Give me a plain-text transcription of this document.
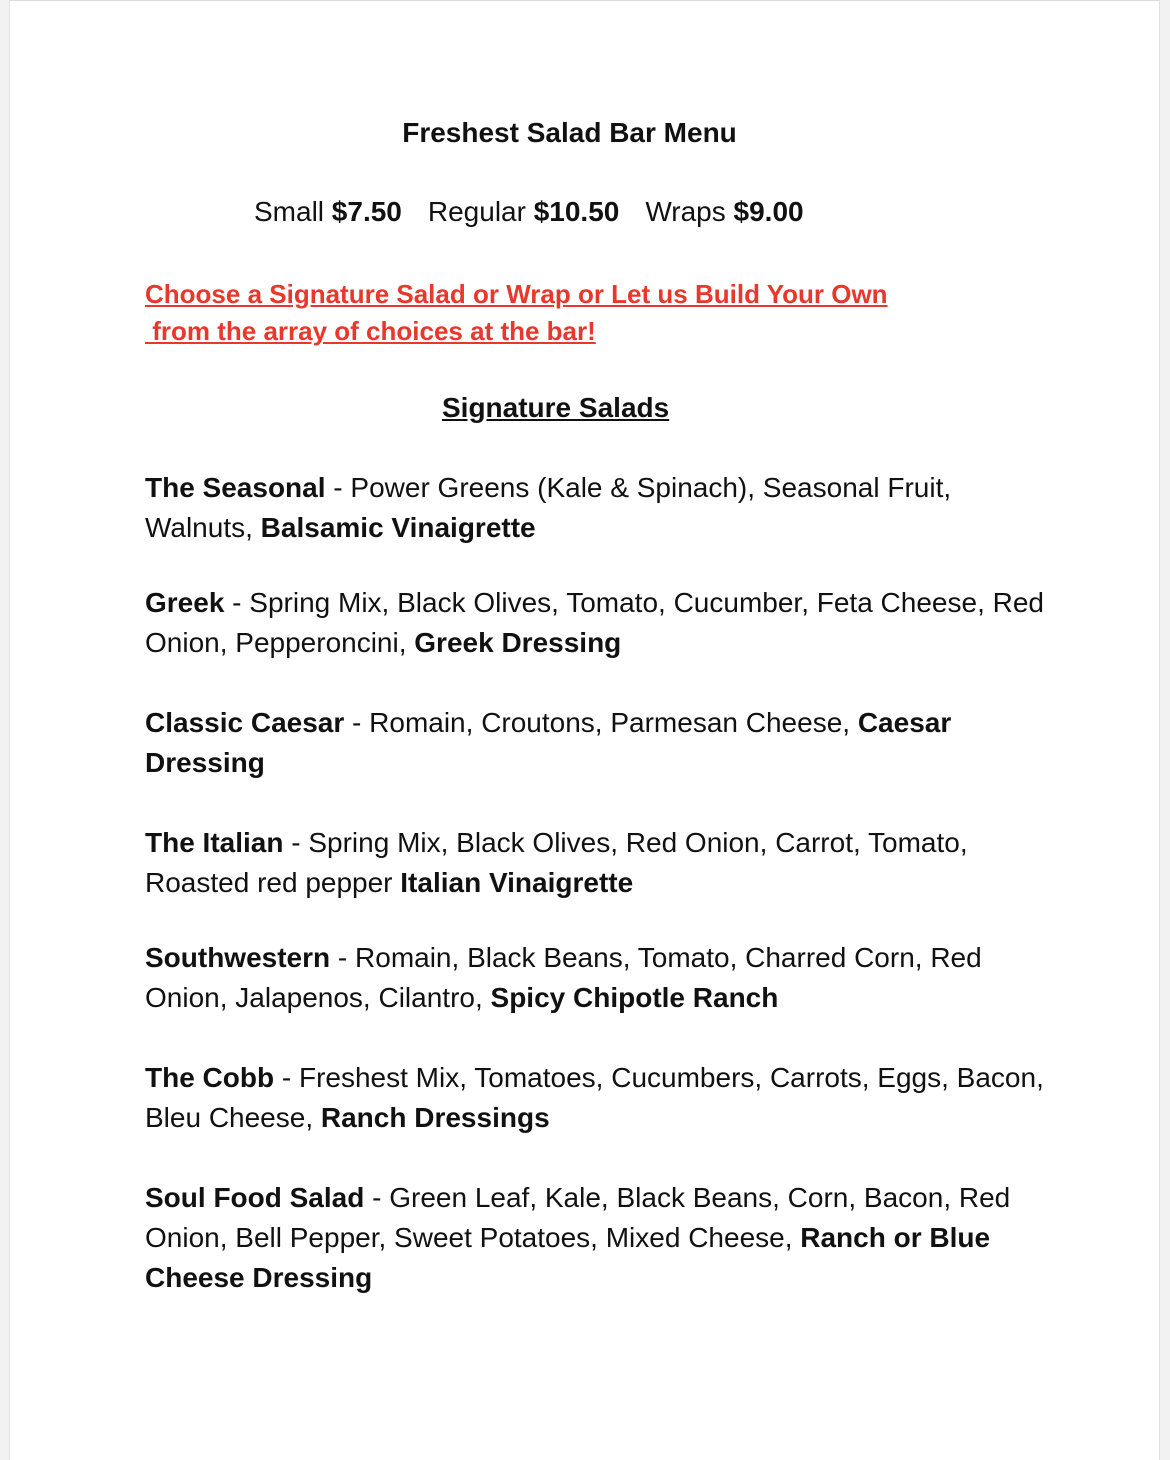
Freshest Salad Bar Menu
Small $7.50 Regular $10.50 Wraps $9.00
Choose a Signature Salad or Wrap or Let us Build Your Own
from the array of choices at the bar!
Signature Salads
The Seasonal - Power Greens (Kale & Spinach), Seasonal Fruit, Walnuts, Balsamic Vinaigrette
Greek - Spring Mix, Black Olives, Tomato, Cucumber, Feta Cheese, Red Onion, Pepperoncini, Greek Dressing
Classic Caesar - Romain, Croutons, Parmesan Cheese, Caesar Dressing
The Italian - Spring Mix, Black Olives, Red Onion, Carrot, Tomato, Roasted red pepper Italian Vinaigrette
Southwestern - Romain, Black Beans, Tomato, Charred Corn, Red Onion, Jalapenos, Cilantro, Spicy Chipotle Ranch
The Cobb - Freshest Mix, Tomatoes, Cucumbers, Carrots, Eggs, Bacon, Bleu Cheese, Ranch Dressings
Soul Food Salad - Green Leaf, Kale, Black Beans, Corn, Bacon, Red Onion, Bell Pepper, Sweet Potatoes, Mixed Cheese, Ranch or Blue Cheese Dressing
